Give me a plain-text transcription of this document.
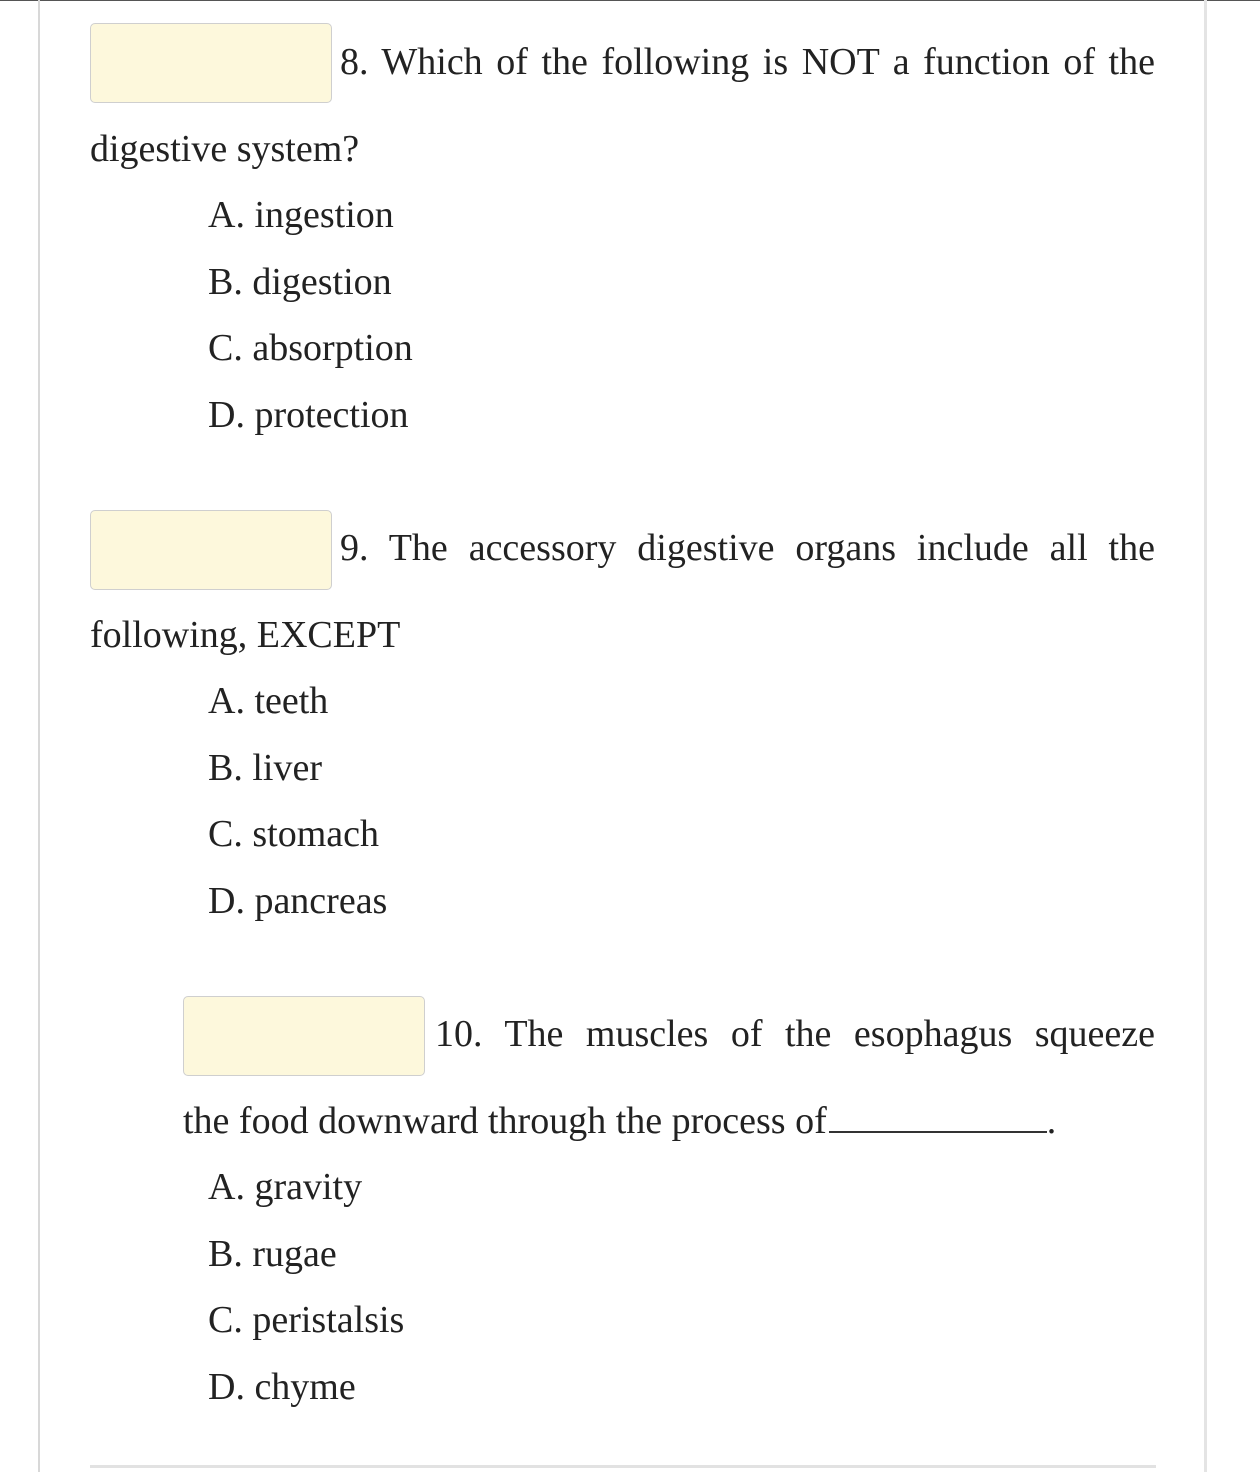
8. Which of the following is NOT a function of the
digestive system?
A. ingestion
B. digestion
C. absorption
D. protection
9. The accessory digestive organs include all the
following, EXCEPT
A. teeth
B. liver
C. stomach
D. pancreas
10. The muscles of the esophagus squeeze
the food downward through the process of	.
A. gravity
B. rugae
C. peristalsis
D. chyme
